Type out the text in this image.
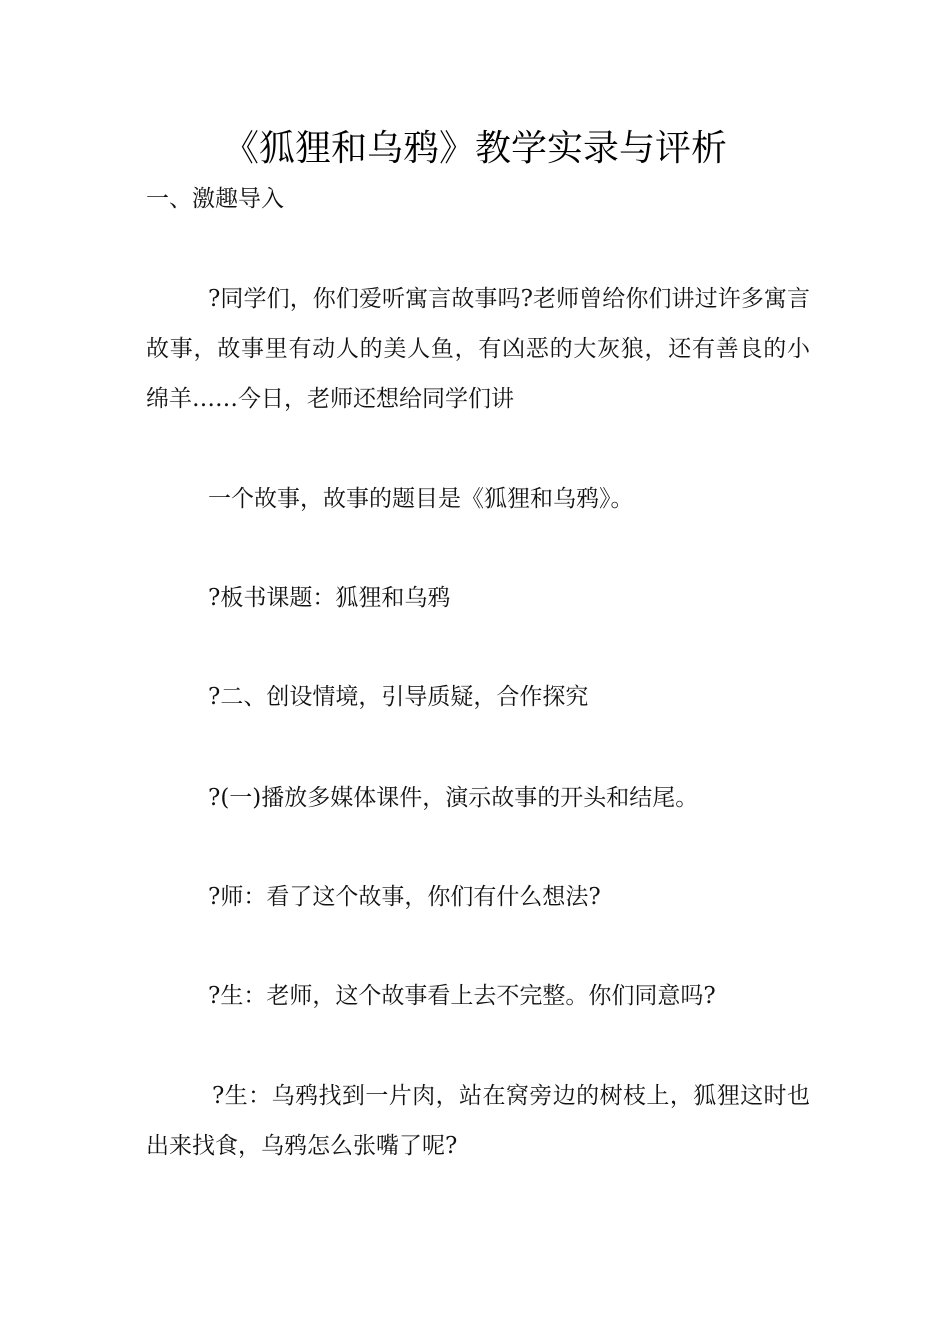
《狐狸和乌鸦》教学实录与评析
一、激趣导入

?同学们，你们爱听寓言故事吗?老师曾给你们讲过许多寓言故事，故事里有动人的美人鱼，有凶恶的大灰狼，还有善良的小绵羊……今日，老师还想给同学们讲

一个故事，故事的题目是《狐狸和乌鸦》。
?板书课题：狐狸和乌鸦
?二、创设情境，引导质疑，合作探究
?(一)播放多媒体课件，演示故事的开头和结尾。
?师：看了这个故事，你们有什么想法?
?生：老师，这个故事看上去不完整。你们同意吗?

?生：乌鸦找到一片肉，站在窝旁边的树枝上，狐狸这时也出来找食，乌鸦怎么张嘴了呢?
